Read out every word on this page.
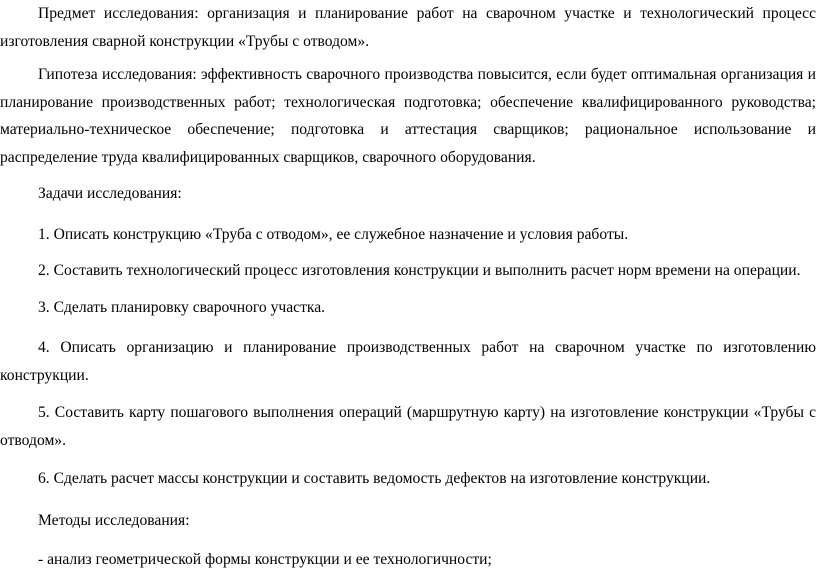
Предмет исследования: организация и планирование работ на сварочном участке и технологический процесс изготовления сварной конструкции «Трубы с отводом».

Гипотеза исследования: эффективность сварочного производства повысится, если будет оптимальная организация и планирование производственных работ; технологическая подготовка; обеспечение квалифицированного руководства; материально-техническое обеспечение; подготовка и аттестация сварщиков; рациональное использование и распределение труда квалифицированных сварщиков, сварочного оборудования.

Задачи исследования:

1. Описать конструкцию «Труба с отводом», ее служебное назначение и условия работы.

2. Составить технологический процесс изготовления конструкции и выполнить расчет норм времени на операции.

3. Сделать планировку сварочного участка.

4. Описать организацию и планирование производственных работ на сварочном участке по изготовлению конструкции.

5. Составить карту пошагового выполнения операций (маршрутную карту) на изготовление конструкции «Трубы с отводом».

6. Сделать расчет массы конструкции и составить ведомость дефектов на изготовление конструкции.

Методы исследования:

- анализ геометрической формы конструкции и ее технологичности;
